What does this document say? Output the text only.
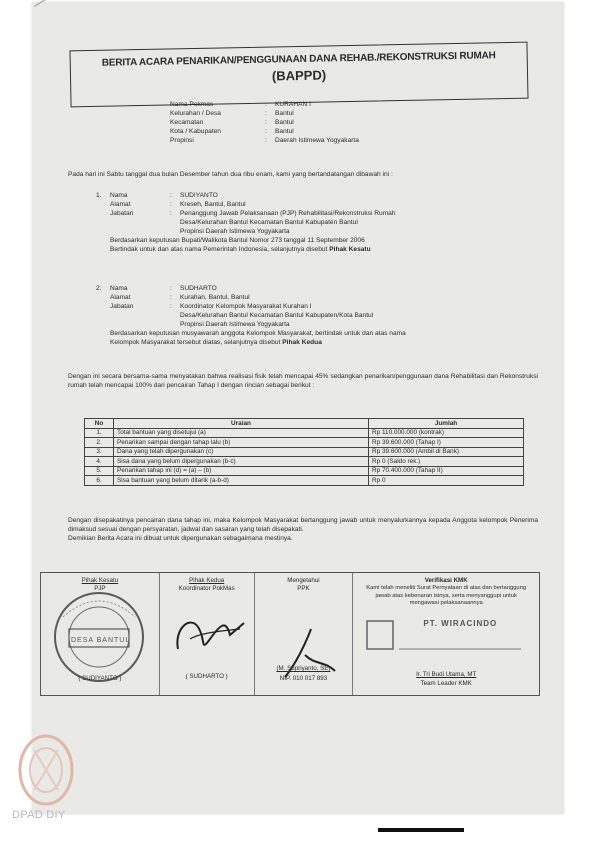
BERITA ACARA PENARIKAN/PENGGUNAAN DANA REHAB./REKONSTRUKSI RUMAH
(BAPPD)
Nama Pokmas	:	KURAHAN I
Kelurahan / Desa	:	Bantul
Kecamatan	:	Bantul
Kota / Kabupaten	:	Bantul
Propinsi	:	Daerah Istimewa Yogyakarta
Pada hari ini Sabtu tanggal dua bulan Desember tahun dua ribu enam, kami yang bertandatangan dibawah ini :
1. Nama	:	SUDIYANTO
Alamat	:	Kreseh, Bantul, Bantul
Jabatan	:	Penanggung Jawab Pelaksanaan (PJP) Rehabilitasi/Rekonstruksi Rumah
Desa/Kelurahan Bantul Kecamatan Bantul Kabupaten Bantul
Propinsi Daerah Istimewa Yogyakarta
Berdasarkan keputusan Bupati/Walikota Bantul Nomor 273 tanggal 11 September 2006
Bertindak untuk dan atas nama Pemerintah Indonesia, selanjutnya disebut Pihak Kesatu
2. Nama	:	SUDHARTO
Alamat	:	Kurahan, Bantul, Bantul
Jabatan	:	Koordinator Kelompok Masyarakat Kurahan I
Desa/Kelurahan Bantul Kecamatan Bantul Kabupaten/Kota Bantul
Propinsi Daerah Istimewa Yogyakarta
Berdasarkan keputusan musyawarah anggota Kelompok Masyarakat, bertindak untuk dan atas nama
Kelompok Masyarakat tersebut diatas, selanjutnya disebut Pihak Kedua
Dengan ini secara bersama-sama menyatakan bahwa realisasi fisik telah mencapai 45% sedangkan penarikan/penggunaan dana Rehabilitasi dan Rekonstruksi rumah telah mencapai 100% dari pencairan Tahap I dengan rincian sebagai berikut :
No	Uraian	Jumlah
1.	Total bantuan yang disetujui (a)	Rp 110.000.000 (kontrak)
2.	Penarikan sampai dengan tahap lalu (b)	Rp 39.600.000 (Tahap I)
3.	Dana yang telah dipergunakan (c)	Rp 39.600.000 (Ambil di Bank)
4.	Sisa dana yang belum dipergunakan (b-c)	Rp 0 (Saldo rek.)
5.	Penarikan tahap ini (d) = (a) – (b)	Rp 70.400.000 (Tahap II)
6.	Sisa bantuan yang belum ditarik (a-b-d)	Rp 0
Dengan disepakatinya pencairan dana tahap ini, maka Kelompok Masyarakat bertanggung jawab untuk menyalurkannya kepada Anggota kelompok Penerima dimaksud sesuai dengan persyaratan, jadwal dan sasaran yang telah disepakati.
Demikian Berita Acara ini dibuat untuk dipergunakan sebagaimana mestinya.
Pihak Kesatu
PJP
DESA BANTUL
( SUDIYANTO )
Pihak Kedua
Koordinator PokMas
( SUDHARTO )
Mengetahui
PPK
(M. Supriyanto, SE)
NIP. 010 017 893
Verifikasi KMK
Kami telah meneliti Surat Pernyataan di atas dan bertanggung jawab atas kebenaran isinya, serta menyanggupi untuk mengawasi pelaksanaannya
PT. WIRACINDO
Ir. Tri Budi Utama, MT
Team Leader KMK
DPAD DIY
